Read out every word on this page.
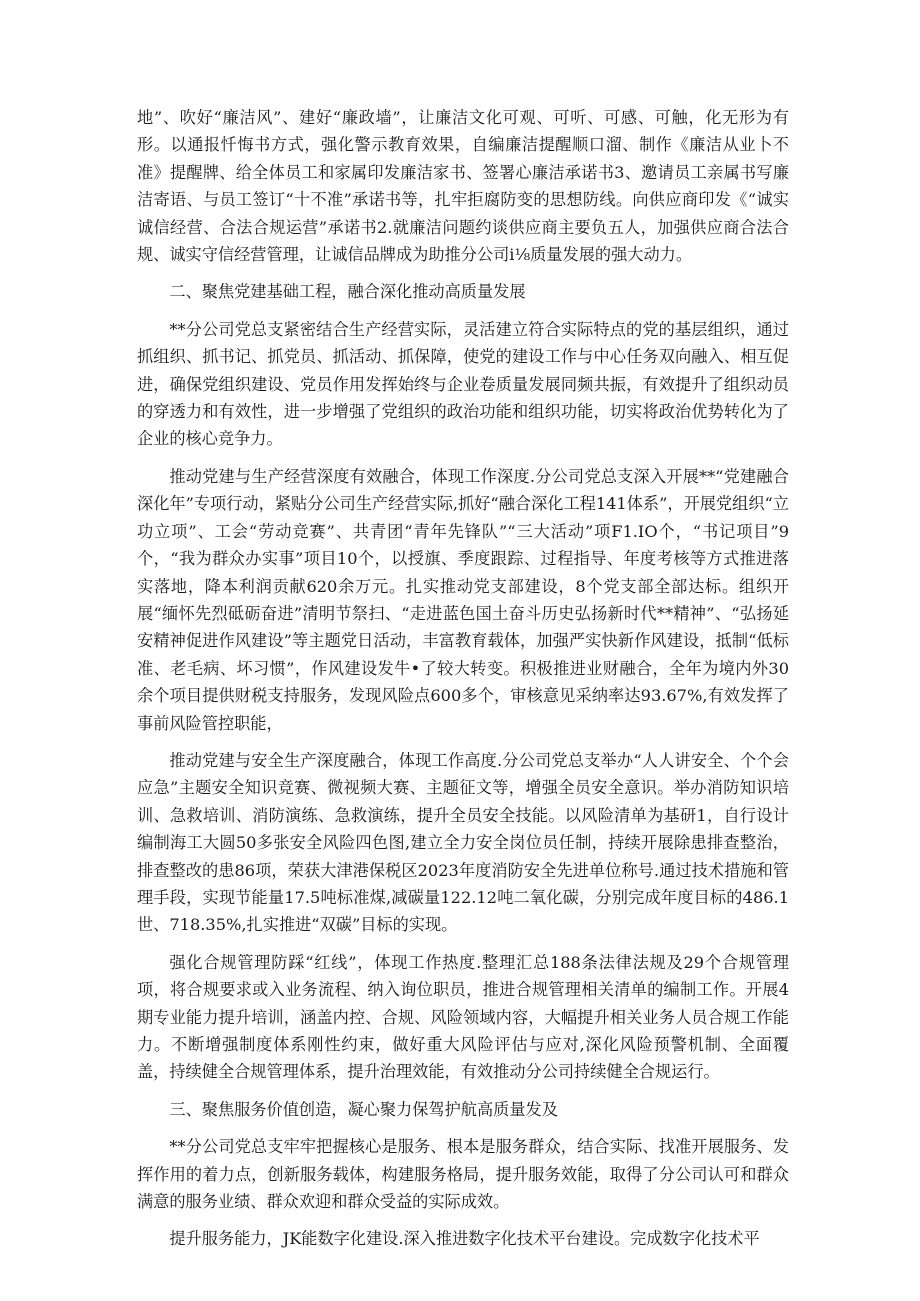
地”、吹好“廉洁风”、建好“廉政墙”，让廉洁文化可观、可听、可感、可触，化无形为有形。以通报忏悔书方式，强化警示教育效果，自编廉洁提醒顺口溜、制作《廉洁从业卜不准》提醒牌、给全体员工和家属印发廉洁家书、签署心廉洁承诺书3、邀请员工亲属书写廉洁寄语、与员工签订“十不准”承诺书等，扎牢拒腐防变的思想防线。向供应商印发《“诚实诚信经营、合法合规运营”承诺书2.就廉洁问题约谈供应商主要负五人，加强供应商合法合规、诚实守信经营管理，让诚信品牌成为助推分公司i⅛质量发展的强大动力。

二、聚焦党建基础工程，融合深化推动高质量发展

**分公司党总支紧密结合生产经营实际，灵活建立符合实际特点的党的基层组织，通过抓组织、抓书记、抓党员、抓活动、抓保障，使党的建设工作与中心任务双向融入、相互促进，确保党组织建设、党员作用发挥始终与企业卷质量发展同频共振，有效提升了组织动员的穿透力和有效性，进一步增强了党组织的政治功能和组织功能，切实将政治优势转化为了企业的核心竞争力。

推动党建与生产经营深度有效融合，体现工作深度.分公司党总支深入开展**“党建融合深化年”专项行动，紧贴分公司生产经营实际,抓好“融合深化工程141体系”，开展党组织“立功立项”、工会“劳动竞赛”、共青团“青年先锋队”“三大活动”项F1.IO个，“书记项目”9个，“我为群众办实事”项目10个，以授旗、季度跟踪、过程指导、年度考核等方式推进落实落地，降本利润贡献620余万元。扎实推动党支部建设，8个党支部全部达标。组织开展“缅怀先烈砥砺奋进”清明节祭扫、“走进蓝色国土奋斗历史弘扬新时代**精神”、“弘扬延安精神促进作风建设”等主题党日活动，丰富教育载体，加强严实快新作风建设，抵制“低标准、老毛病、坏习惯”，作风建设发牛•了较大转变。积极推进业财融合，全年为境内外30余个项目提供财税支持服务，发现风险点600多个，审核意见采纳率达93.67%,有效发挥了事前风险管控职能，

推动党建与安全生产深度融合，体现工作高度.分公司党总支举办“人人讲安全、个个会应急”主题安全知识竞赛、微视频大赛、主题征文等，增强全员安全意识。举办消防知识培训、急救培训、消防演练、急救演练，提升全员安全技能。以风险清单为基研1，自行设计编制海工大圆50多张安全风险四色图,建立全力安全岗位员任制，持续开展除患排查整治，排查整改的患86项，荣获大津港保税区2023年度消防安全先进单位称号.通过技术措施和管理手段，实现节能量17.5吨标准煤,减碳量122.12吨二氧化碳，分别完成年度目标的486.1世、718.35%,扎实推进“双碳”目标的实现。

强化合规管理防踩“红线”，体现工作热度.整理汇总188条法律法规及29个合规管理项，将合规要求或入业务流程、纳入询位职员，推进合规管理相关清单的编制工作。开展4期专业能力提升培训，涵盖内控、合规、风险领域内容，大幅提升相关业务人员合规工作能力。不断增强制度体系刚性约束，做好重大风险评估与应对,深化风险预警机制、全面覆盖，持续健全合规管理体系，提升治理效能，有效推动分公司持续健全合规运行。

三、聚焦服务价值创造，凝心聚力保驾护航高质量发及

**分公司党总支牢牢把握核心是服务、根本是服务群众，结合实际、找准开展服务、发挥作用的着力点，创新服务载体，构建服务格局，提升服务效能，取得了分公司认可和群众满意的服务业绩、群众欢迎和群众受益的实际成效。

提升服务能力，JK能数字化建设.深入推进数字化技术平台建设。完成数字化技术平
